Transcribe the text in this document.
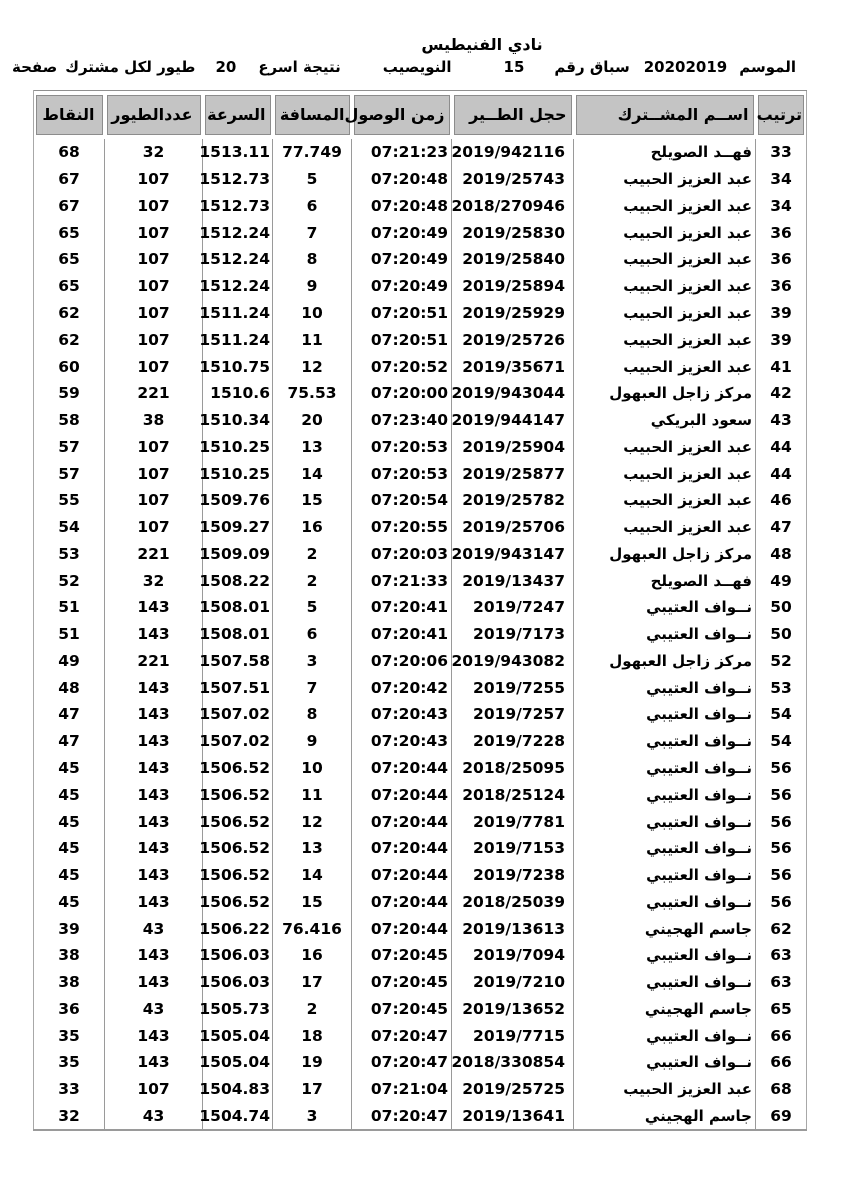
نادي الفنيطيس
الموسم
20202019
سباق رقم
15
النويصيب
نتيجة اسرع
20
طيور لكل مشترك
صفحة
ترتيب	اســم المشــترك	حجل الطــير	زمن الوصول	المسافة	السرعة	عددالطيور	النقاط

33	فهــد الصويلح	2019/942116	07:21:23	77.749	1513.11	32	68
34	عبد العزيز الحبيب	2019/25743	07:20:48	5	1512.73	107	67
34	عبد العزيز الحبيب	2018/270946	07:20:48	6	1512.73	107	67
36	عبد العزيز الحبيب	2019/25830	07:20:49	7	1512.24	107	65
36	عبد العزيز الحبيب	2019/25840	07:20:49	8	1512.24	107	65
36	عبد العزيز الحبيب	2019/25894	07:20:49	9	1512.24	107	65
39	عبد العزيز الحبيب	2019/25929	07:20:51	10	1511.24	107	62
39	عبد العزيز الحبيب	2019/25726	07:20:51	11	1511.24	107	62
41	عبد العزيز الحبيب	2019/35671	07:20:52	12	1510.75	107	60
42	مركز زاجل العبهول	2019/943044	07:20:00	75.53	1510.6	221	59
43	سعود البريكي	2019/944147	07:23:40	20	1510.34	38	58
44	عبد العزيز الحبيب	2019/25904	07:20:53	13	1510.25	107	57
44	عبد العزيز الحبيب	2019/25877	07:20:53	14	1510.25	107	57
46	عبد العزيز الحبيب	2019/25782	07:20:54	15	1509.76	107	55
47	عبد العزيز الحبيب	2019/25706	07:20:55	16	1509.27	107	54
48	مركز زاجل العبهول	2019/943147	07:20:03	2	1509.09	221	53
49	فهــد الصويلح	2019/13437	07:21:33	2	1508.22	32	52
50	نــواف العتيبي	2019/7247	07:20:41	5	1508.01	143	51
50	نــواف العتيبي	2019/7173	07:20:41	6	1508.01	143	51
52	مركز زاجل العبهول	2019/943082	07:20:06	3	1507.58	221	49
53	نــواف العتيبي	2019/7255	07:20:42	7	1507.51	143	48
54	نــواف العتيبي	2019/7257	07:20:43	8	1507.02	143	47
54	نــواف العتيبي	2019/7228	07:20:43	9	1507.02	143	47
56	نــواف العتيبي	2018/25095	07:20:44	10	1506.52	143	45
56	نــواف العتيبي	2018/25124	07:20:44	11	1506.52	143	45
56	نــواف العتيبي	2019/7781	07:20:44	12	1506.52	143	45
56	نــواف العتيبي	2019/7153	07:20:44	13	1506.52	143	45
56	نــواف العتيبي	2019/7238	07:20:44	14	1506.52	143	45
56	نــواف العتيبي	2018/25039	07:20:44	15	1506.52	143	45
62	جاسم الهجيني	2019/13613	07:20:44	76.416	1506.22	43	39
63	نــواف العتيبي	2019/7094	07:20:45	16	1506.03	143	38
63	نــواف العتيبي	2019/7210	07:20:45	17	1506.03	143	38
65	جاسم الهجيني	2019/13652	07:20:45	2	1505.73	43	36
66	نــواف العتيبي	2019/7715	07:20:47	18	1505.04	143	35
66	نــواف العتيبي	2018/330854	07:20:47	19	1505.04	143	35
68	عبد العزيز الحبيب	2019/25725	07:21:04	17	1504.83	107	33
69	جاسم الهجيني	2019/13641	07:20:47	3	1504.74	43	32
